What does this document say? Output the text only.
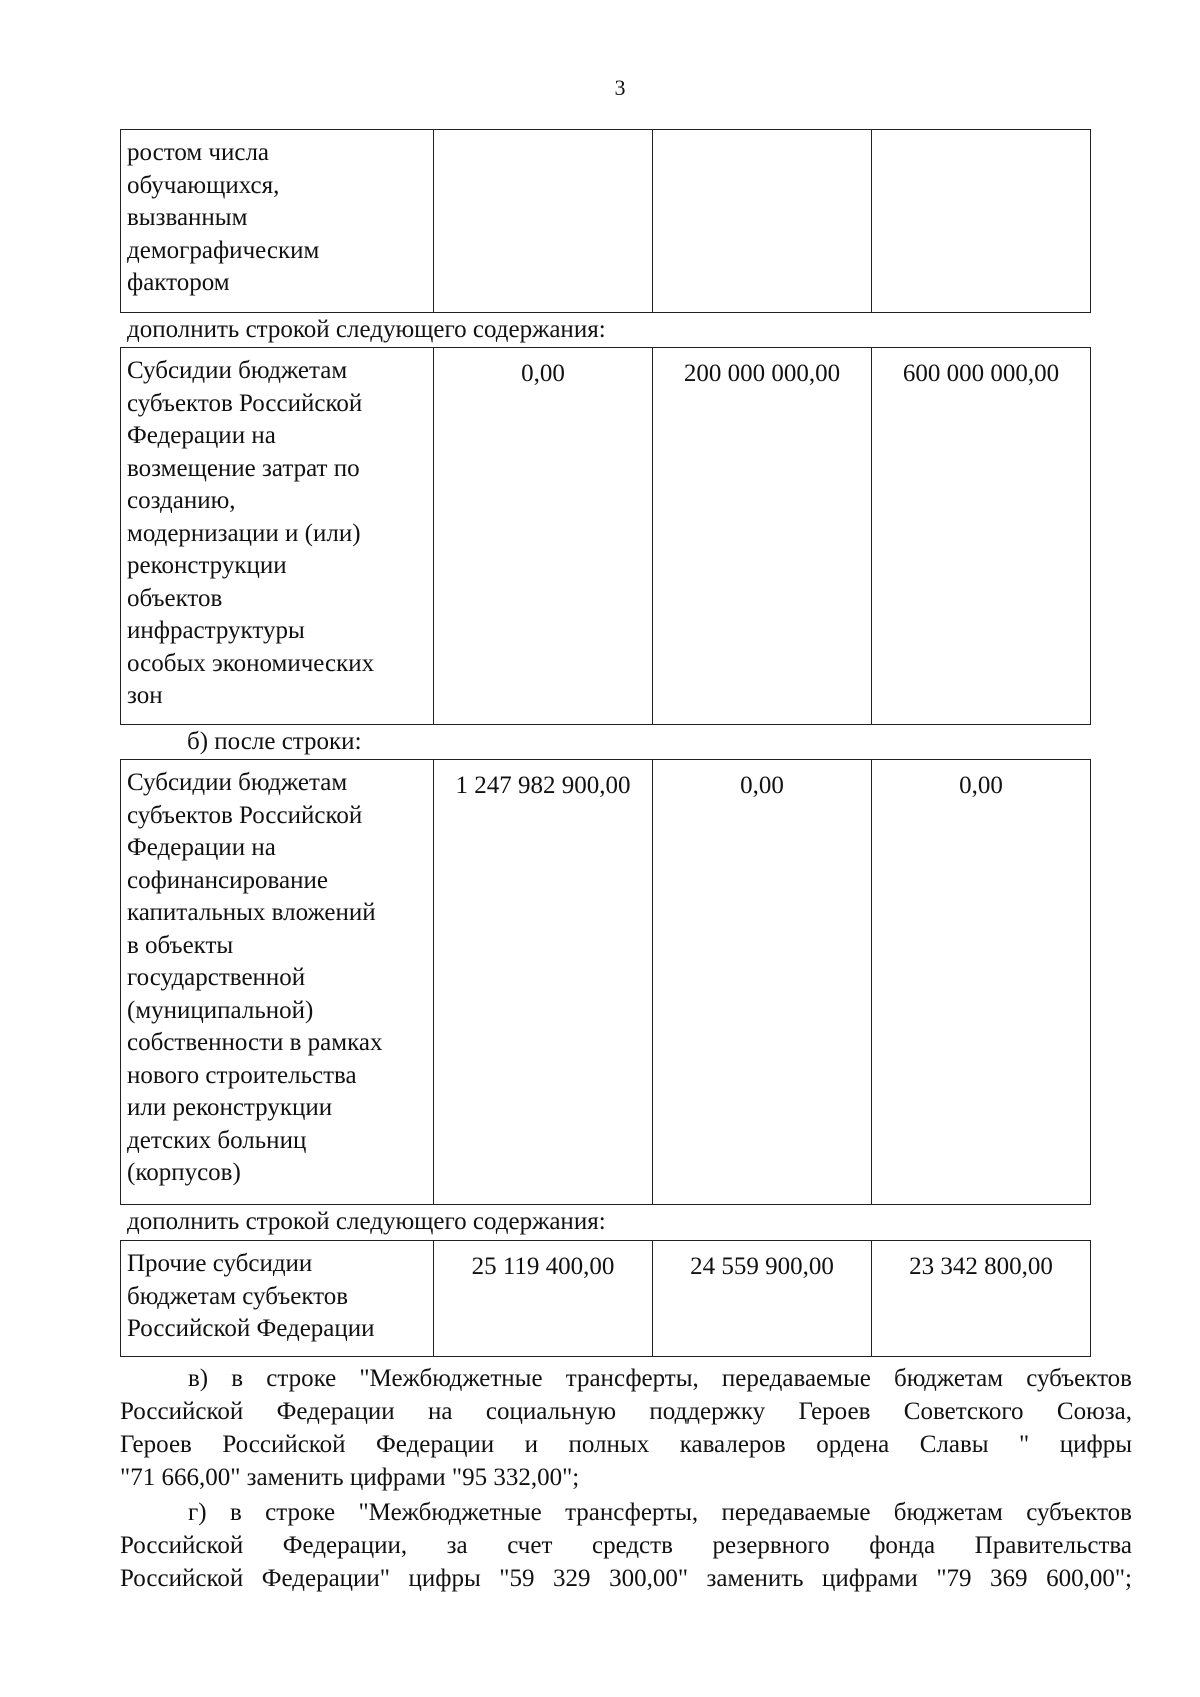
3
ростом числа
обучающихся,
вызванным
демографическим
фактором

дополнить строкой следующего содержания:
Субсидии бюджетам
субъектов Российской
Федерации на
возмещение затрат по
созданию,
модернизации и (или)
реконструкции
объектов
инфраструктуры
особых экономических
зон
	0,00	200 000 000,00	600 000 000,00
б) после строки:
Субсидии бюджетам
субъектов Российской
Федерации на
софинансирование
капитальных вложений
в объекты
государственной
(муниципальной)
собственности в рамках
нового строительства
или реконструкции
детских больниц
(корпусов)
	1 247 982 900,00	0,00	0,00
дополнить строкой следующего содержания:
Прочие субсидии
бюджетам субъектов
Российской Федерации
	25 119 400,00	24 559 900,00	23 342 800,00
в) в строке "Межбюджетные трансферты, передаваемые бюджетам субъектов
Российской Федерации на социальную поддержку Героев Советского Союза,
Героев Российской Федерации и полных кавалеров ордена Славы " цифры
"71 666,00" заменить цифрами "95 332,00";
г) в строке "Межбюджетные трансферты, передаваемые бюджетам субъектов
Российской Федерации, за счет средств резервного фонда Правительства
Российской Федерации" цифры "59 329 300,00" заменить цифрами "79 369 600,00";
